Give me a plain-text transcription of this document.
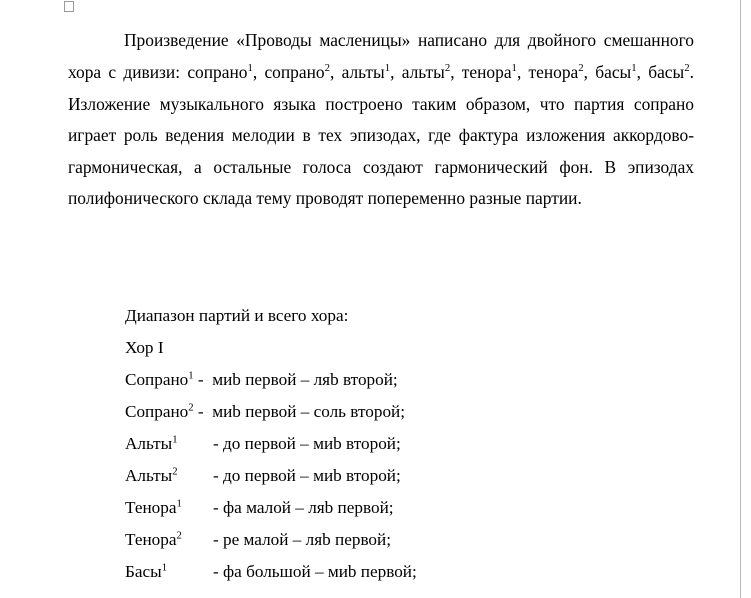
Произведение «Проводы масленицы» написано для двойного смешанного хора с дивизи: сопрано$^1$, сопрано$^2$, альты$^1$, альты$^2$, тенора$^1$, тенора$^2$, басы$^1$, басы$^2$. Изложение музыкального языка построено таким образом, что партия сопрано играет роль ведения мелодии в тех эпизодах, где фактура изложения аккордово-гармоническая, а остальные голоса создают гармонический фон. В эпизодах полифонического склада тему проводят попеременно разные партии.

Диапазон партий и всего хора:
Хор I
Сопрано$^1$ -  миb первой – ляb второй;
Сопрано$^2$ -  миb первой – соль второй;
Альты$^1$ - до первой – миb второй;
Альты$^2$ - до первой – миb второй;
Тенора$^1$ - фа малой – ляb первой;
Тенора$^2$ - ре малой – ляb первой;
Басы$^1$	- фа большой – миb первой;
